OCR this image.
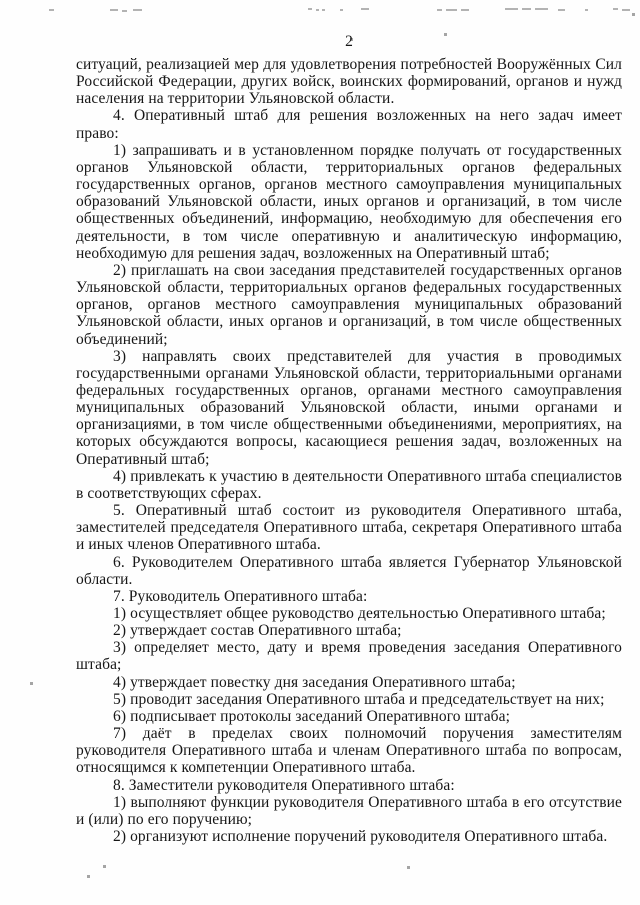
2

ситуаций, реализацией мер для удовлетворения потребностей Вооружённых Сил Российской Федерации, других войск, воинских формирований, органов и нужд населения на территории Ульяновской области.

4. Оперативный штаб для решения возложенных на него задач имеет право:

1) запрашивать и в установленном порядке получать от государственных органов Ульяновской области, территориальных органов федеральных государственных органов, органов местного самоуправления муниципальных образований Ульяновской области, иных органов и организаций, в том числе общественных объединений, информацию, необходимую для обеспечения его деятельности, в том числе оперативную и аналитическую информацию, необходимую для решения задач, возложенных на Оперативный штаб;

2) приглашать на свои заседания представителей государственных органов Ульяновской области, территориальных органов федеральных государственных органов, органов местного самоуправления муниципальных образований Ульяновской области, иных органов и организаций, в том числе общественных объединений;

3) направлять своих представителей для участия в проводимых государственными органами Ульяновской области, территориальными органами федеральных государственных органов, органами местного самоуправления муниципальных образований Ульяновской области, иными органами и организациями, в том числе общественными объединениями, мероприятиях, на которых обсуждаются вопросы, касающиеся решения задач, возложенных на Оперативный штаб;

4) привлекать к участию в деятельности Оперативного штаба специалистов в соответствующих сферах.

5. Оперативный штаб состоит из руководителя Оперативного штаба, заместителей председателя Оперативного штаба, секретаря Оперативного штаба и иных членов Оперативного штаба.

6. Руководителем Оперативного штаба является Губернатор Ульяновской области.

7. Руководитель Оперативного штаба:

1) осуществляет общее руководство деятельностью Оперативного штаба;

2) утверждает состав Оперативного штаба;

3) определяет место, дату и время проведения заседания Оперативного штаба;

4) утверждает повестку дня заседания Оперативного штаба;

5) проводит заседания Оперативного штаба и председательствует на них;

6) подписывает протоколы заседаний Оперативного штаба;

7) даёт в пределах своих полномочий поручения заместителям руководителя Оперативного штаба и членам Оперативного штаба по вопросам, относящимся к компетенции Оперативного штаба.

8. Заместители руководителя Оперативного штаба:

1) выполняют функции руководителя Оперативного штаба в его отсутствие и (или) по его поручению;

2) организуют исполнение поручений руководителя Оперативного штаба.
